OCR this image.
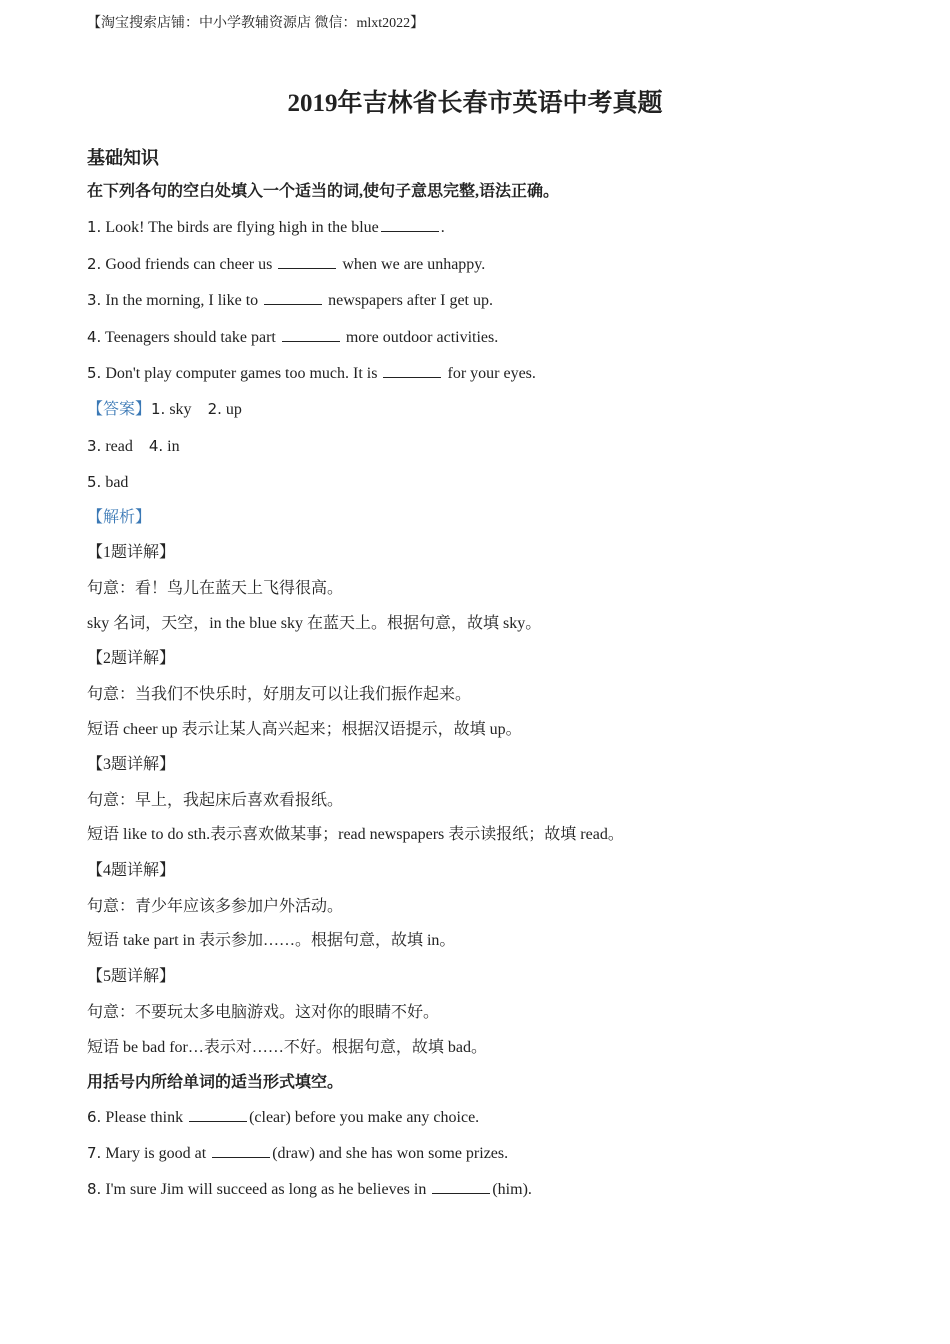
【淘宝搜索店铺：中小学教辅资源店 微信：mlxt2022】
2019年吉林省长春市英语中考真题
基础知识
在下列各句的空白处填入一个适当的词,使句子意思完整,语法正确。
1. Look! The birds are flying high in the blue	.
2. Good friends can cheer us	when we are unhappy.
3. In the morning, I like to	newspapers after I get up.
4. Teenagers should take part	more outdoor activities.
5. Don't play computer games too much. It is	for your eyes.
【答案】1. sky 2. up
3. read 4. in
5. bad
【解析】
【1题详解】
句意：看！鸟儿在蓝天上飞得很高。
sky 名词，天空，in the blue sky 在蓝天上。根据句意，故填 sky。
【2题详解】
句意：当我们不快乐时，好朋友可以让我们振作起来。
短语 cheer up 表示让某人高兴起来；根据汉语提示，故填 up。
【3题详解】
句意：早上，我起床后喜欢看报纸。
短语 like to do sth.表示喜欢做某事；read newspapers 表示读报纸；故填 read。
【4题详解】
句意：青少年应该多参加户外活动。
短语 take part in 表示参加……。根据句意，故填 in。
【5题详解】
句意：不要玩太多电脑游戏。这对你的眼睛不好。
短语 be bad for…表示对……不好。根据句意，故填 bad。
用括号内所给单词的适当形式填空。
6. Please think	(clear) before you make any choice.
7. Mary is good at	(draw) and she has won some prizes.
8. I'm sure Jim will succeed as long as he believes in	(him).
